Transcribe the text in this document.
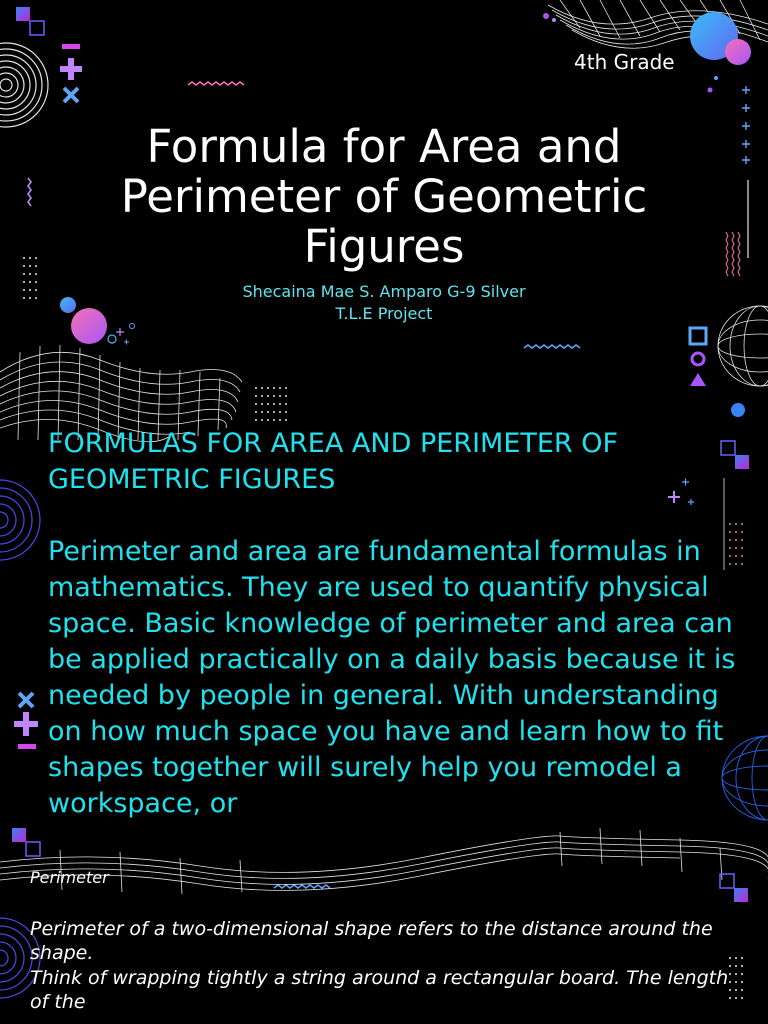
4th Grade
Formula for Area and
Perimeter of Geometric
Figures
Shecaina Mae S. Amparo G-9 Silver
T.L.E Project

FORMULAS FOR AREA AND PERIMETER OF

GEOMETRIC FIGURES

Perimeter and area are fundamental formulas in mathematics. They are used to quantify physical space. Basic knowledge of perimeter and area can be applied practically on a daily basis because it is needed by people in general. With understanding on how much space you have and learn how to fit shapes together will surely help you remodel a workspace, or

Perimeter

Perimeter of a two-dimensional shape refers to the distance around the shape.

Think of wrapping tightly a string around a rectangular board. The length of the
